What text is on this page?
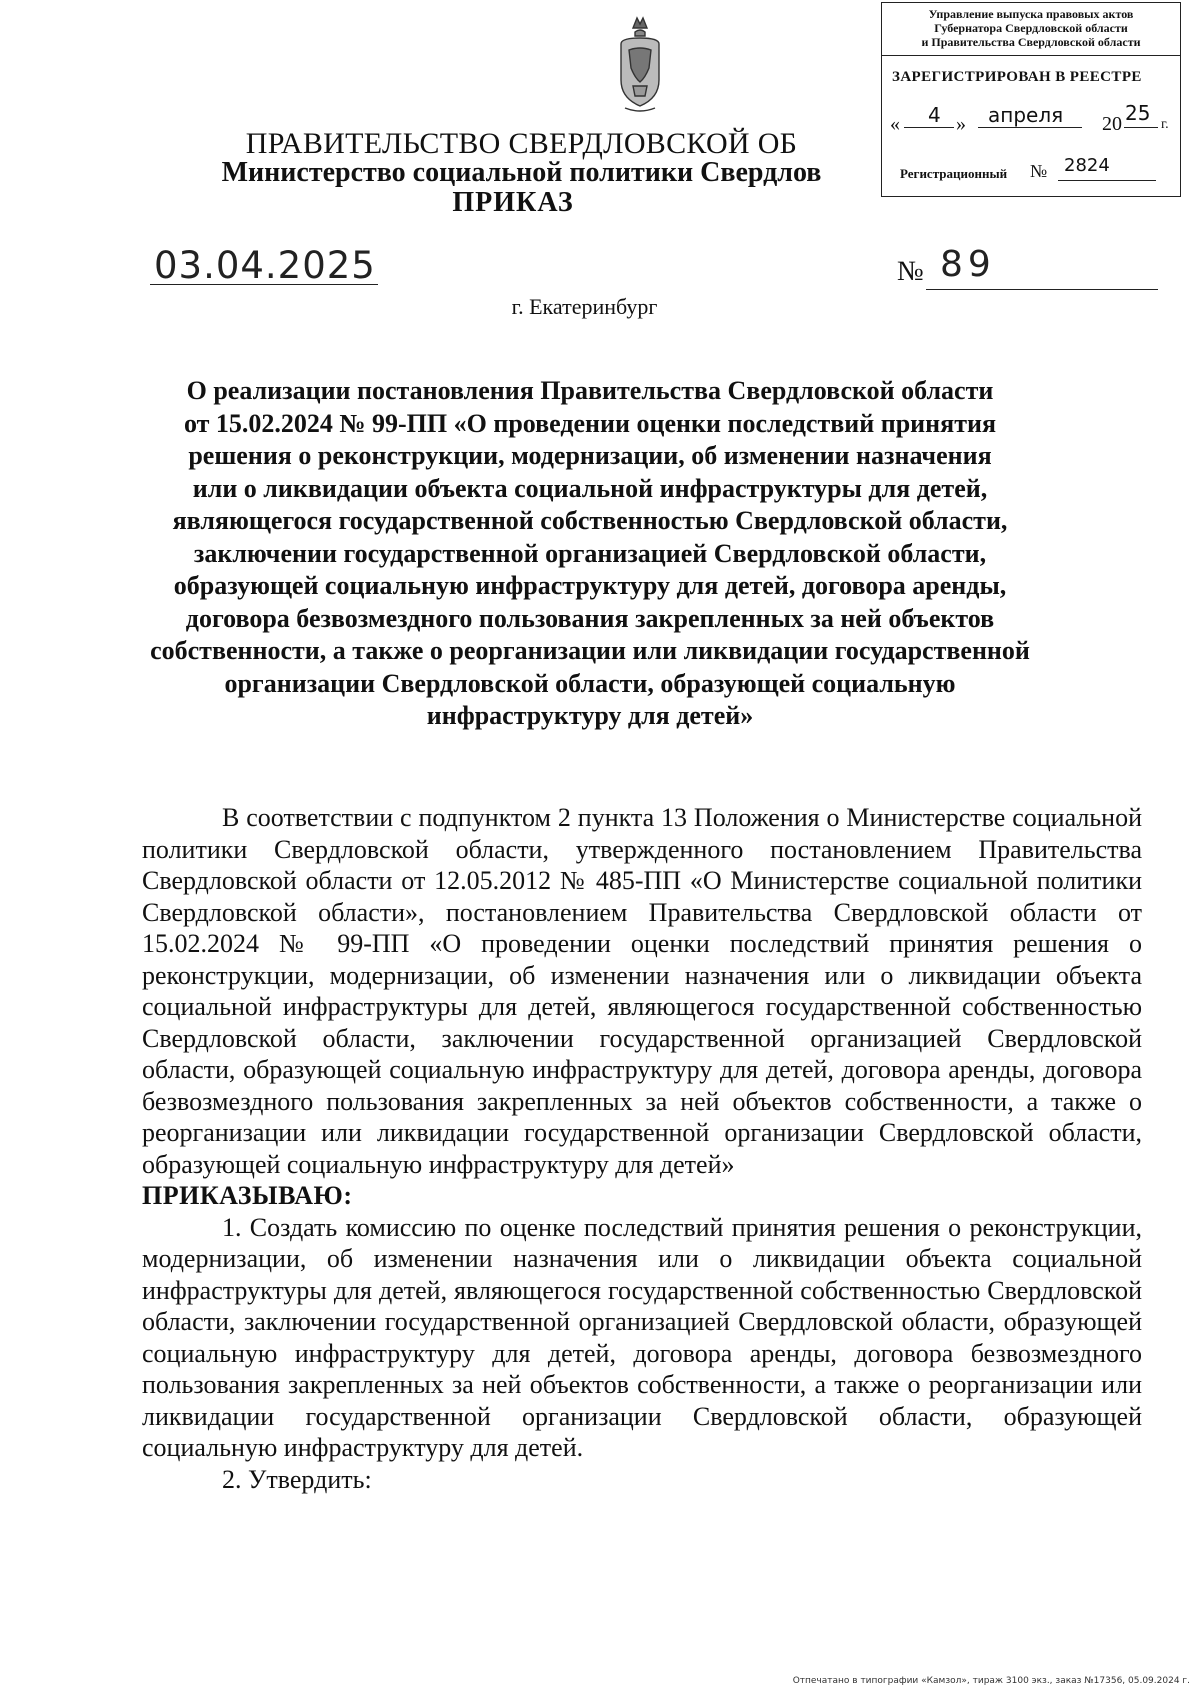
ПРАВИТЕЛЬСТВО СВЕРДЛОВСКОЙ ОБ
Министерство социальной политики Свердлов
ПРИКАЗ
Управление выпуска правовых актов
Губернатора Свердловской области
и Правительства Свердловской области
ЗАРЕГИСТРИРОВАН В РЕЕСТРЕ
« 4 » апреля 20 25 г.
Регистрационный № 2824
03.04.2025	№ 89
г. Екатеринбург
О реализации постановления Правительства Свердловской области
от 15.02.2024 № 99-ПП «О проведении оценки последствий принятия
решения о реконструкции, модернизации, об изменении назначения
или о ликвидации объекта социальной инфраструктуры для детей,
являющегося государственной собственностью Свердловской области,
заключении государственной организацией Свердловской области,
образующей социальную инфраструктуру для детей, договора аренды,
договора безвозмездного пользования закрепленных за ней объектов
собственности, а также о реорганизации или ликвидации государственной
организации Свердловской области, образующей социальную
инфраструктуру для детей»

В соответствии с подпунктом 2 пункта 13 Положения о Министерстве социальной политики Свердловской области, утвержденного постановлением Правительства Свердловской области от 12.05.2012 № 485-ПП «О Министерстве социальной политики Свердловской области», постановлением Правительства Свердловской области от 15.02.2024 № 99-ПП «О проведении оценки последствий принятия решения о реконструкции, модернизации, об изменении назначения или о ликвидации объекта социальной инфраструктуры для детей, являющегося государственной собственностью Свердловской области, заключении государственной организацией Свердловской области, образующей социальную инфраструктуру для детей, договора аренды, договора безвозмездного пользования закрепленных за ней объектов собственности, а также о реорганизации или ликвидации государственной организации Свердловской области, образующей социальную инфраструктуру для детей»

ПРИКАЗЫВАЮ:

1. Создать комиссию по оценке последствий принятия решения о реконструкции, модернизации, об изменении назначения или о ликвидации объекта социальной инфраструктуры для детей, являющегося государственной собственностью Свердловской области, заключении государственной организацией Свердловской области, образующей социальную инфраструктуру для детей, договора аренды, договора безвозмездного пользования закрепленных за ней объектов собственности, а также о реорганизации или ликвидации государственной организации Свердловской области, образующей социальную инфраструктуру для детей.

2. Утвердить:

Отпечатано в типографии «Камзол», тираж 3100 экз., заказ №17356, 05.09.2024 г.
